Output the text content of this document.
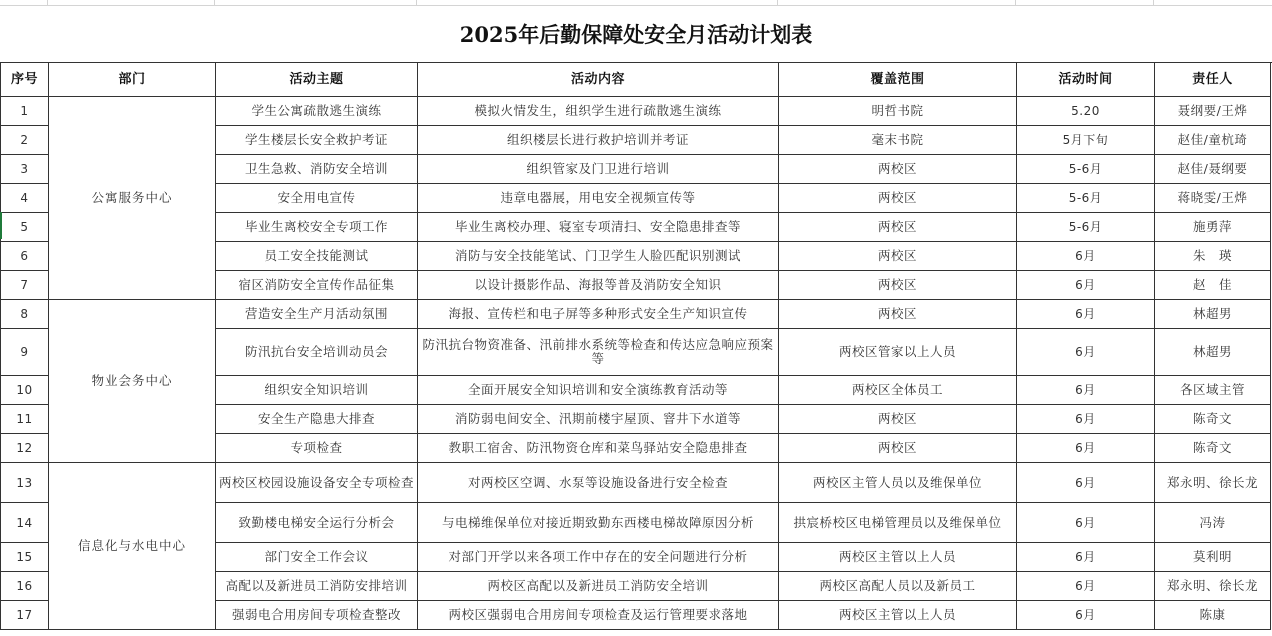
2025年后勤保障处安全月活动计划表
序号	部门	活动主题	活动内容	覆盖范围	活动时间	责任人
1	公寓服务中心	学生公寓疏散逃生演练	模拟火情发生，组织学生进行疏散逃生演练	明哲书院	5.20	聂纲要/王烨
2		学生楼层长安全救护考证	组织楼层长进行救护培训并考证	毫末书院	5月下旬	赵佳/童杭琦
3		卫生急救、消防安全培训	组织管家及门卫进行培训	两校区	5-6月	赵佳/聂纲要
4		安全用电宣传	违章电器展，用电安全视频宣传等	两校区	5-6月	蒋晓雯/王烨
5		毕业生离校安全专项工作	毕业生离校办理、寝室专项清扫、安全隐患排查等	两校区	5-6月	施勇萍
6		员工安全技能测试	消防与安全技能笔试、门卫学生人脸匹配识别测试	两校区	6月	朱　瑛
7		宿区消防安全宣传作品征集	以设计摄影作品、海报等普及消防安全知识	两校区	6月	赵　佳
8	物业会务中心	营造安全生产月活动氛围	海报、宣传栏和电子屏等多种形式安全生产知识宣传	两校区	6月	林超男
9		防汛抗台安全培训动员会	防汛抗台物资准备、汛前排水系统等检查和传达应急响应预案等	两校区管家以上人员	6月	林超男
10		组织安全知识培训	全面开展安全知识培训和安全演练教育活动等	两校区全体员工	6月	各区域主管
11		安全生产隐患大排查	消防弱电间安全、汛期前楼宇屋顶、窨井下水道等	两校区	6月	陈奇文
12		专项检查	教职工宿舍、防汛物资仓库和菜鸟驿站安全隐患排查	两校区	6月	陈奇文
13	信息化与水电中心	两校区校园设施设备安全专项检查	对两校区空调、水泵等设施设备进行安全检查	两校区主管人员以及维保单位	6月	郑永明、徐长龙
14		致勤楼电梯安全运行分析会	与电梯维保单位对接近期致勤东西楼电梯故障原因分析	拱宸桥校区电梯管理员以及维保单位	6月	冯涛
15		部门安全工作会议	对部门开学以来各项工作中存在的安全问题进行分析	两校区主管以上人员	6月	莫利明
16		高配以及新进员工消防安排培训	两校区高配以及新进员工消防安全培训	两校区高配人员以及新员工	6月	郑永明、徐长龙
17		强弱电合用房间专项检查整改	两校区强弱电合用房间专项检查及运行管理要求落地	两校区主管以上人员	6月	陈康
